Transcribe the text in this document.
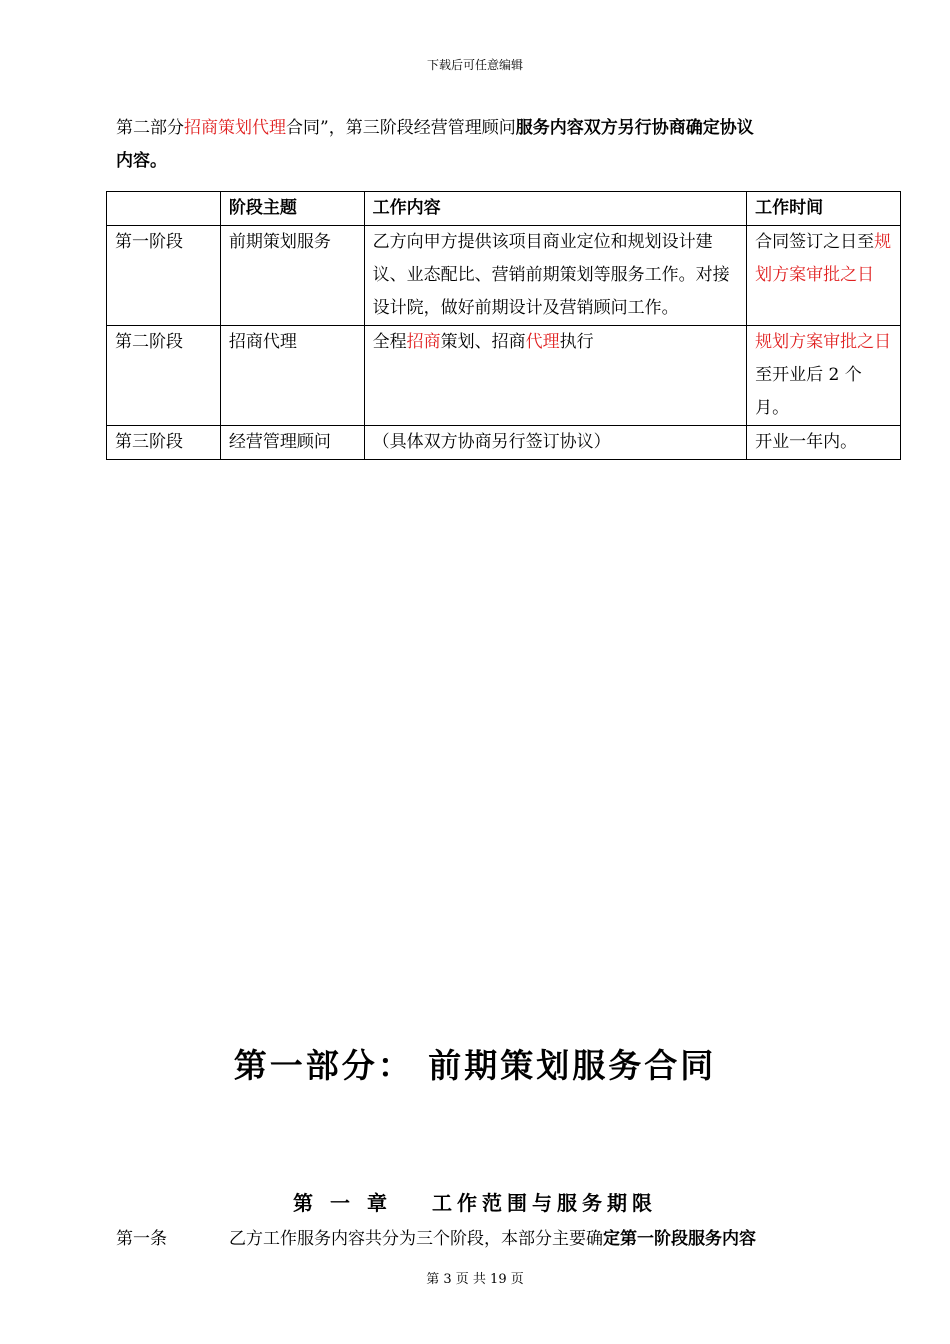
下载后可任意编辑
第二部分招商策划代理合同”，第三阶段经营管理顾问服务内容双方另行协商确定协议
内容。
	阶段主题	工作内容	工作时间
第一阶段	前期策划服务	乙方向甲方提供该项目商业定位和规划设计建议、业态配比、营销前期策划等服务工作。对接设计院，做好前期设计及营销顾问工作。	合同签订之日至规划方案审批之日
第二阶段	招商代理	全程招商策划、招商代理执行	规划方案审批之日至开业后 2 个月。
第三阶段	经营管理顾问	（具体双方协商另行签订协议）	开业一年内。
第一部分： 前期策划服务合同
第 一 章 工作范围与服务期限
第一条	乙方工作服务内容共分为三个阶段，本部分主要确定第一阶段服务内容
第 3 页 共 19 页
